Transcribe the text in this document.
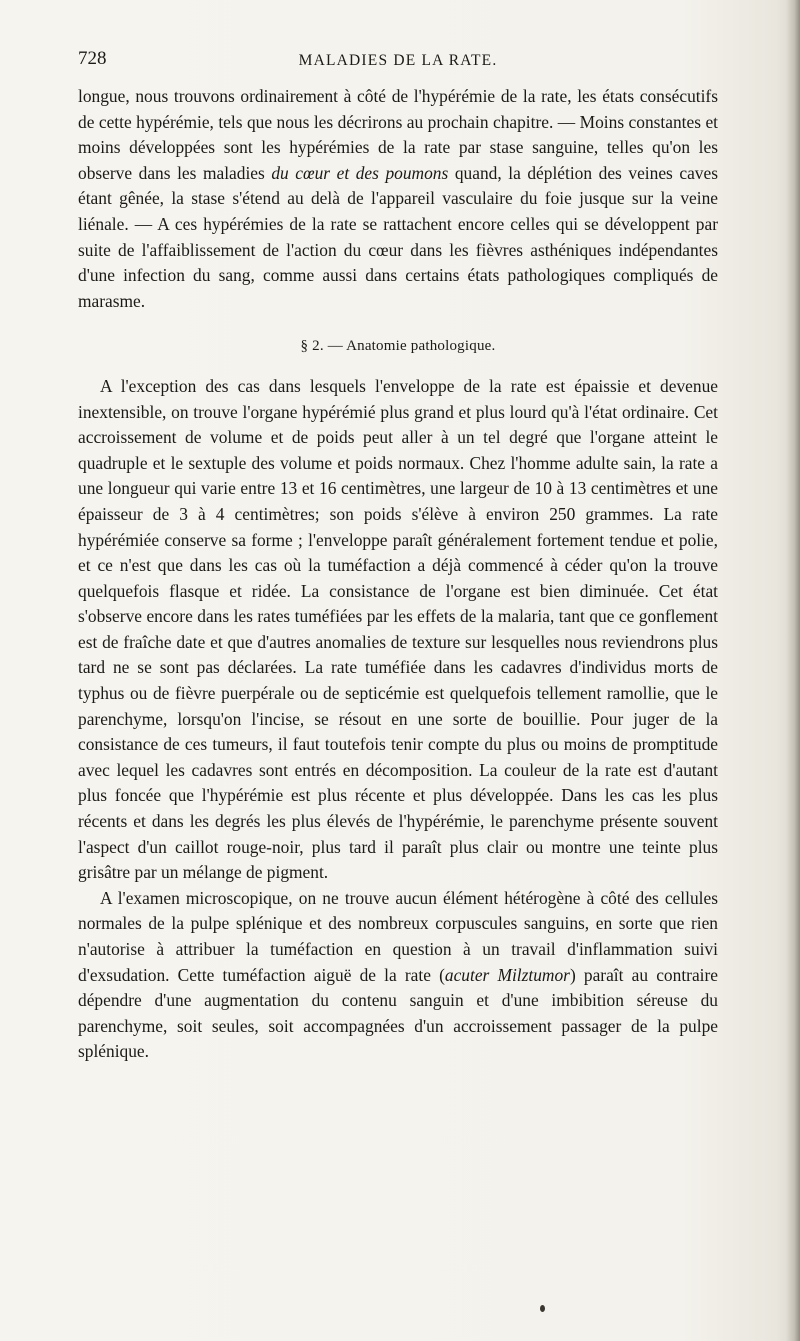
728	MALADIES DE LA RATE.

longue, nous trouvons ordinairement à côté de l'hypérémie de la rate, les états consécutifs de cette hypérémie, tels que nous les décrirons au prochain chapitre. — Moins constantes et moins développées sont les hypérémies de la rate par stase sanguine, telles qu'on les observe dans les maladies du cœur et des poumons quand, la déplétion des veines caves étant gênée, la stase s'étend au delà de l'appareil vasculaire du foie jusque sur la veine liénale. — A ces hypérémies de la rate se rattachent encore celles qui se développent par suite de l'affaiblissement de l'action du cœur dans les fièvres asthéniques indépendantes d'une infection du sang, comme aussi dans certains états pathologiques compliqués de marasme.

§ 2. — Anatomie pathologique.

A l'exception des cas dans lesquels l'enveloppe de la rate est épaissie et devenue inextensible, on trouve l'organe hypérémié plus grand et plus lourd qu'à l'état ordinaire. Cet accroissement de volume et de poids peut aller à un tel degré que l'organe atteint le quadruple et le sextuple des volume et poids normaux. Chez l'homme adulte sain, la rate a une longueur qui varie entre 13 et 16 centimètres, une largeur de 10 à 13 centimètres et une épaisseur de 3 à 4 centimètres; son poids s'élève à environ 250 grammes. La rate hypérémiée conserve sa forme ; l'enveloppe paraît généralement fortement tendue et polie, et ce n'est que dans les cas où la tuméfaction a déjà commencé à céder qu'on la trouve quelquefois flasque et ridée. La consistance de l'organe est bien diminuée. Cet état s'observe encore dans les rates tuméfiées par les effets de la malaria, tant que ce gonflement est de fraîche date et que d'autres anomalies de texture sur lesquelles nous reviendrons plus tard ne se sont pas déclarées. La rate tuméfiée dans les cadavres d'individus morts de typhus ou de fièvre puerpérale ou de septicémie est quelquefois tellement ramollie, que le parenchyme, lorsqu'on l'incise, se résout en une sorte de bouillie. Pour juger de la consistance de ces tumeurs, il faut toutefois tenir compte du plus ou moins de promptitude avec lequel les cadavres sont entrés en décomposition. La couleur de la rate est d'autant plus foncée que l'hypérémie est plus récente et plus développée. Dans les cas les plus récents et dans les degrés les plus élevés de l'hypérémie, le parenchyme présente souvent l'aspect d'un caillot rouge-noir, plus tard il paraît plus clair ou montre une teinte plus grisâtre par un mélange de pigment.

A l'examen microscopique, on ne trouve aucun élément hétérogène à côté des cellules normales de la pulpe splénique et des nombreux corpuscules sanguins, en sorte que rien n'autorise à attribuer la tuméfaction en question à un travail d'inflammation suivi d'exsudation. Cette tuméfaction aiguë de la rate (acuter Milztumor) paraît au contraire dépendre d'une augmentation du contenu sanguin et d'une imbibition séreuse du parenchyme, soit seules, soit accompagnées d'un accroissement passager de la pulpe splénique.
